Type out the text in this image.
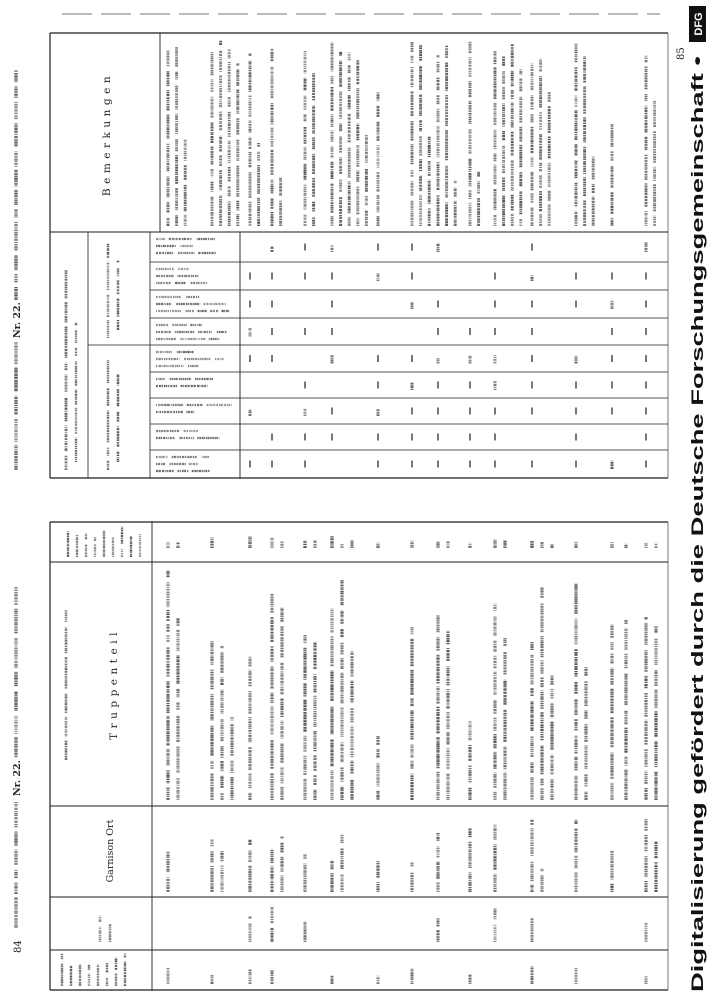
84
Nr. 22.
Garnison Ort
Truppenteil
85
Nr. 22.
Bemerkungen
Digitalisierung gefördert durch die Deutsche Forschungsgemeinschaft •
DFG
